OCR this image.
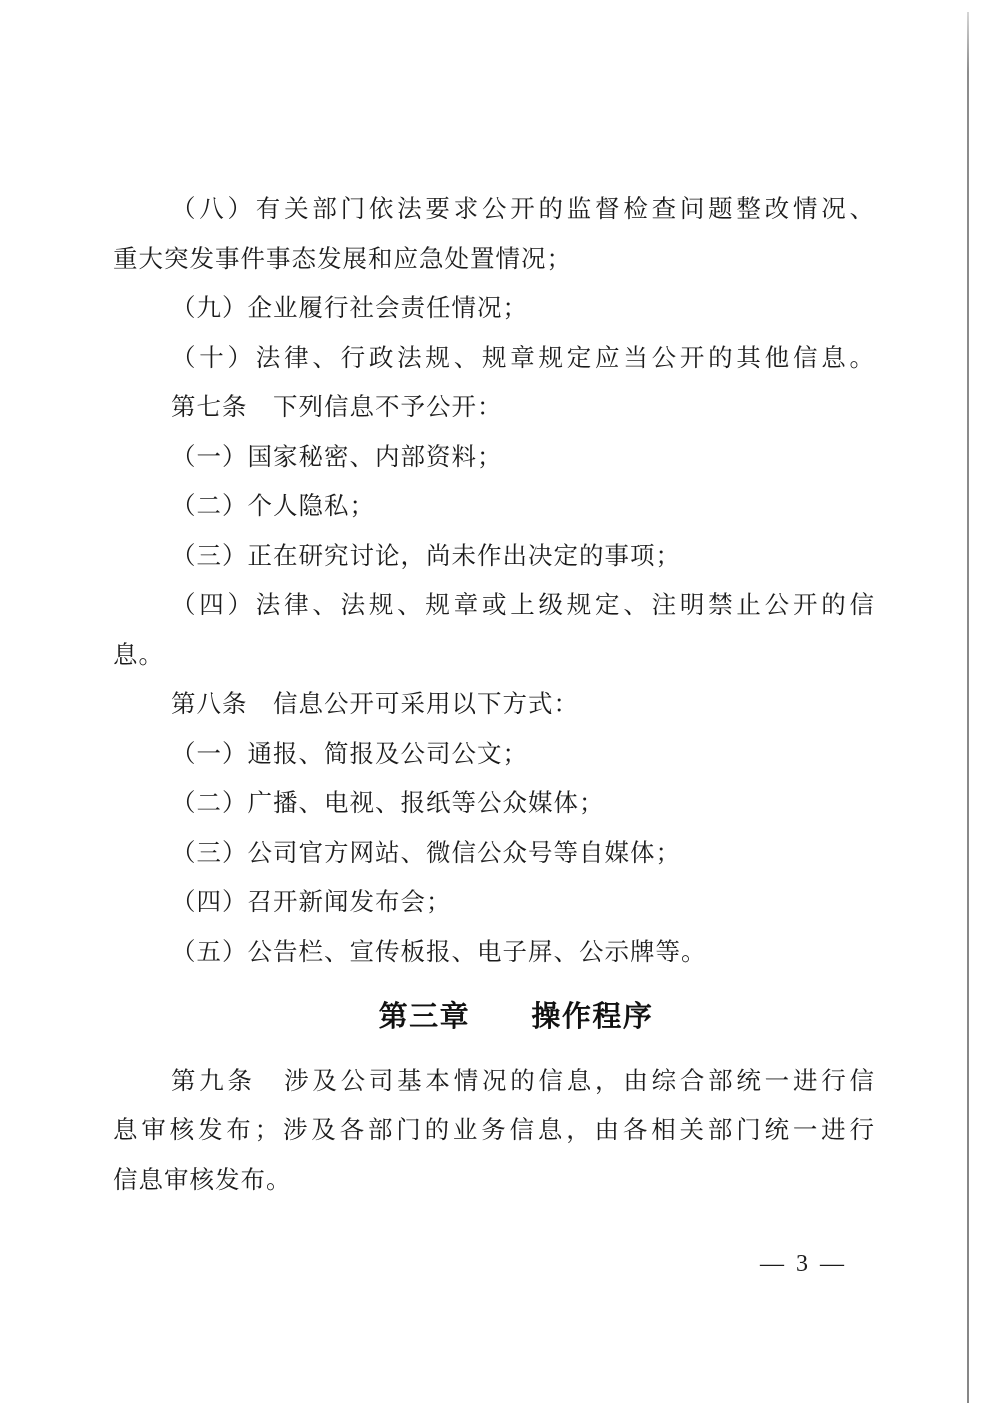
（八）有关部门依法要求公开的监督检查问题整改情况、

重大突发事件事态发展和应急处置情况；

（九）企业履行社会责任情况；

（十）法律、行政法规、规章规定应当公开的其他信息。

第七条　下列信息不予公开：

（一）国家秘密、内部资料；

（二）个人隐私；

（三）正在研究讨论，尚未作出决定的事项；

（四）法律、法规、规章或上级规定、注明禁止公开的信

息。

第八条　信息公开可采用以下方式：

（一）通报、简报及公司公文；

（二）广播、电视、报纸等公众媒体；

（三）公司官方网站、微信公众号等自媒体；

（四）召开新闻发布会；

（五）公告栏、宣传板报、电子屏、公示牌等。

第三章 操作程序

第九条　涉及公司基本情况的信息，由综合部统一进行信

息审核发布；涉及各部门的业务信息，由各相关部门统一进行

信息审核发布。

— 3 —
